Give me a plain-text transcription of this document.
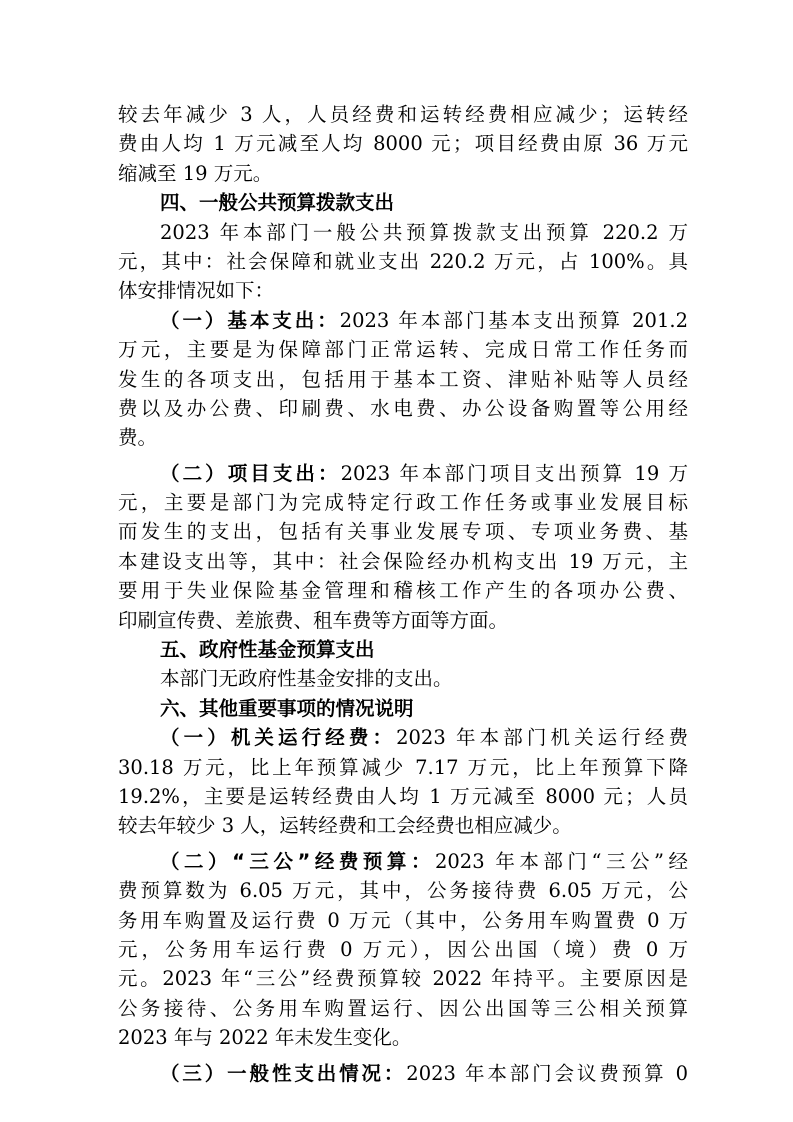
较去年减少 3 人，人员经费和运转经费相应减少；运转经
费由人均 1 万元减至人均 8000 元；项目经费由原 36 万元
缩减至 19 万元。
四、一般公共预算拨款支出
2023 年本部门一般公共预算拨款支出预算 220.2 万
元，其中：社会保障和就业支出 220.2 万元，占 100%。具
体安排情况如下：
（一）基本支出：2023 年本部门基本支出预算 201.2
万元，主要是为保障部门正常运转、完成日常工作任务而
发生的各项支出，包括用于基本工资、津贴补贴等人员经
费以及办公费、印刷费、水电费、办公设备购置等公用经
费。
（二）项目支出：2023 年本部门项目支出预算 19 万
元，主要是部门为完成特定行政工作任务或事业发展目标
而发生的支出，包括有关事业发展专项、专项业务费、基
本建设支出等，其中：社会保险经办机构支出 19 万元，主
要用于失业保险基金管理和稽核工作产生的各项办公费、
印刷宣传费、差旅费、租车费等方面等方面。
五、政府性基金预算支出
本部门无政府性基金安排的支出。
六、其他重要事项的情况说明
（一）机关运行经费：2023 年本部门机关运行经费
30.18 万元，比上年预算减少 7.17 万元，比上年预算下降
19.2%，主要是运转经费由人均 1 万元减至 8000 元；人员
较去年较少 3 人，运转经费和工会经费也相应减少。
（二）“三公”经费预算：2023 年本部门“三公”经
费预算数为 6.05 万元，其中，公务接待费 6.05 万元，公
务用车购置及运行费 0 万元（其中，公务用车购置费 0 万
元，公务用车运行费 0 万元），因公出国（境）费 0 万
元。2023 年“三公”经费预算较 2022 年持平。主要原因是
公务接待、公务用车购置运行、因公出国等三公相关预算
2023 年与 2022 年未发生变化。
（三）一般性支出情况：2023 年本部门会议费预算 0
